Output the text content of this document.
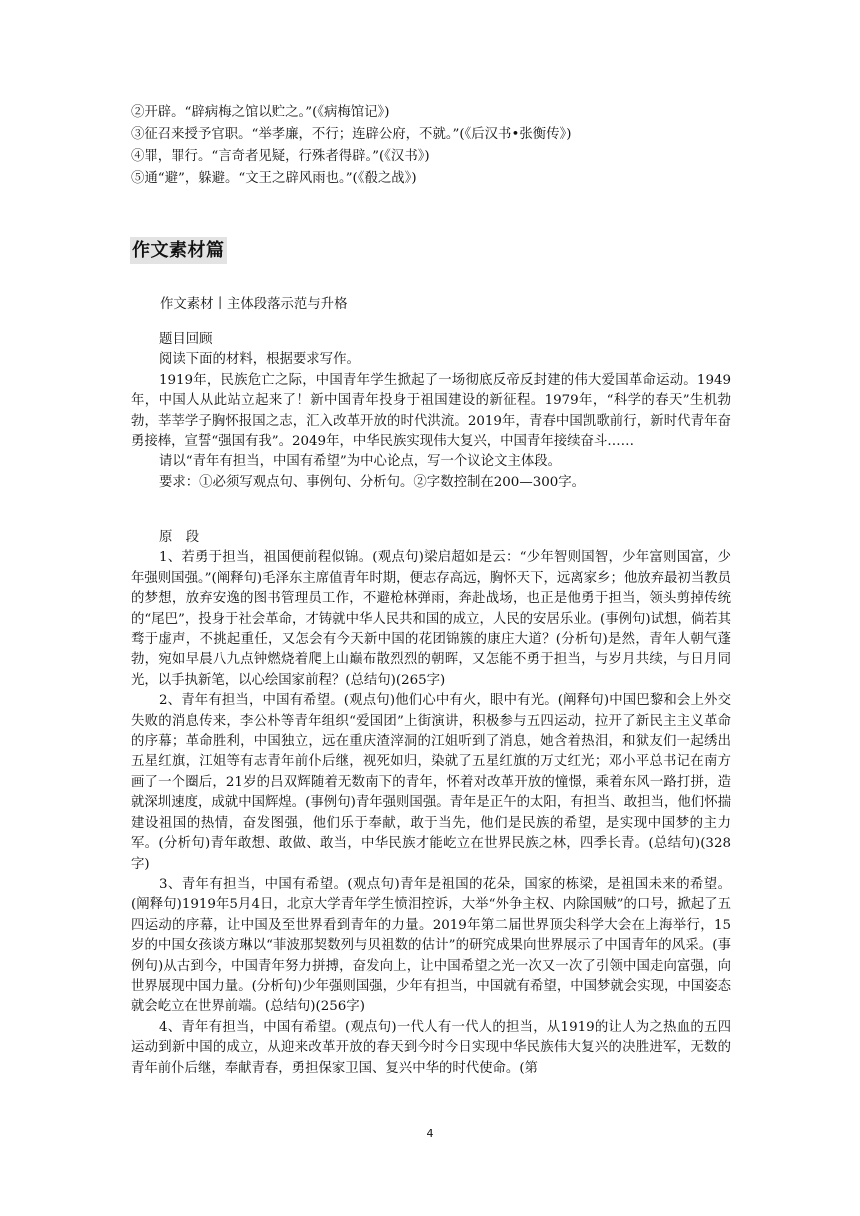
②开辟。“辟病梅之馆以贮之。”(《病梅馆记》)

③征召来授予官职。“举孝廉，不行；连辟公府，不就。”(《后汉书•张衡传》)

④罪，罪行。“言奇者见疑，行殊者得辟。”(《汉书》)

⑤通“避”，躲避。“文王之辟风雨也。”(《殽之战》)

作文素材篇
作文素材丨主体段落示范与升格

题目回顾

阅读下面的材料，根据要求写作。

1919年，民族危亡之际，中国青年学生掀起了一场彻底反帝反封建的伟大爱国革命运动。1949年，中国人从此站立起来了！新中国青年投身于祖国建设的新征程。1979年，“科学的春天”生机勃勃，莘莘学子胸怀报国之志，汇入改革开放的时代洪流。2019年，青春中国凯歌前行，新时代青年奋勇接棒，宣誓“强国有我”。2049年，中华民族实现伟大复兴，中国青年接续奋斗……

请以“青年有担当，中国有希望”为中心论点，写一个议论文主体段。

要求：①必须写观点句、事例句、分析句。②字数控制在200—300字。

原　段

1、若勇于担当，祖国便前程似锦。(观点句)梁启超如是云：“少年智则国智，少年富则国富，少年强则国强。”(阐释句)毛泽东主席值青年时期，便志存高远，胸怀天下，远离家乡；他放弃最初当教员的梦想，放弃安逸的图书管理员工作，不避枪林弹雨，奔赴战场，也正是他勇于担当，领头剪掉传统的“尾巴”，投身于社会革命，才铸就中华人民共和国的成立，人民的安居乐业。(事例句)试想，倘若其骛于虚声，不挑起重任，又怎会有今天新中国的花团锦簇的康庄大道？(分析句)是然，青年人朝气蓬勃，宛如早晨八九点钟燃烧着爬上山巅布散烈烈的朝晖，又怎能不勇于担当，与岁月共续，与日月同光，以手执新笔，以心绘国家前程？(总结句)(265字)

2、青年有担当，中国有希望。(观点句)他们心中有火，眼中有光。(阐释句)中国巴黎和会上外交失败的消息传来，李公朴等青年组织“爱国团”上街演讲，积极参与五四运动，拉开了新民主主义革命的序幕；革命胜利，中国独立，远在重庆渣滓洞的江姐听到了消息，她含着热泪，和狱友们一起绣出五星红旗，江姐等有志青年前仆后继，视死如归，染就了五星红旗的万丈红光；邓小平总书记在南方画了一个圈后，21岁的吕双辉随着无数南下的青年，怀着对改革开放的憧憬，乘着东风一路打拼，造就深圳速度，成就中国辉煌。(事例句)青年强则国强。青年是正午的太阳，有担当、敢担当，他们怀揣建设祖国的热情，奋发图强，他们乐于奉献，敢于当先，他们是民族的希望，是实现中国梦的主力军。(分析句)青年敢想、敢做、敢当，中华民族才能屹立在世界民族之林，四季长青。(总结句)(328字)

3、青年有担当，中国有希望。(观点句)青年是祖国的花朵，国家的栋梁，是祖国未来的希望。(阐释句)1919年5月4日，北京大学青年学生愤泪控诉，大举“外争主权、内除国贼”的口号，掀起了五四运动的序幕，让中国及至世界看到青年的力量。2019年第二届世界顶尖科学大会在上海举行，15岁的中国女孩谈方琳以“菲波那契数列与贝祖数的估计”的研究成果向世界展示了中国青年的风采。(事例句)从古到今，中国青年努力拼搏，奋发向上，让中国希望之光一次又一次了引领中国走向富强，向世界展现中国力量。(分析句)少年强则国强，少年有担当，中国就有希望，中国梦就会实现，中国姿态就会屹立在世界前端。(总结句)(256字)

4、青年有担当，中国有希望。(观点句)一代人有一代人的担当，从1919的让人为之热血的五四运动到新中国的成立，从迎来改革开放的春天到今时今日实现中华民族伟大复兴的决胜进军，无数的青年前仆后继，奉献青春，勇担保家卫国、复兴中华的时代使命。(第

4
